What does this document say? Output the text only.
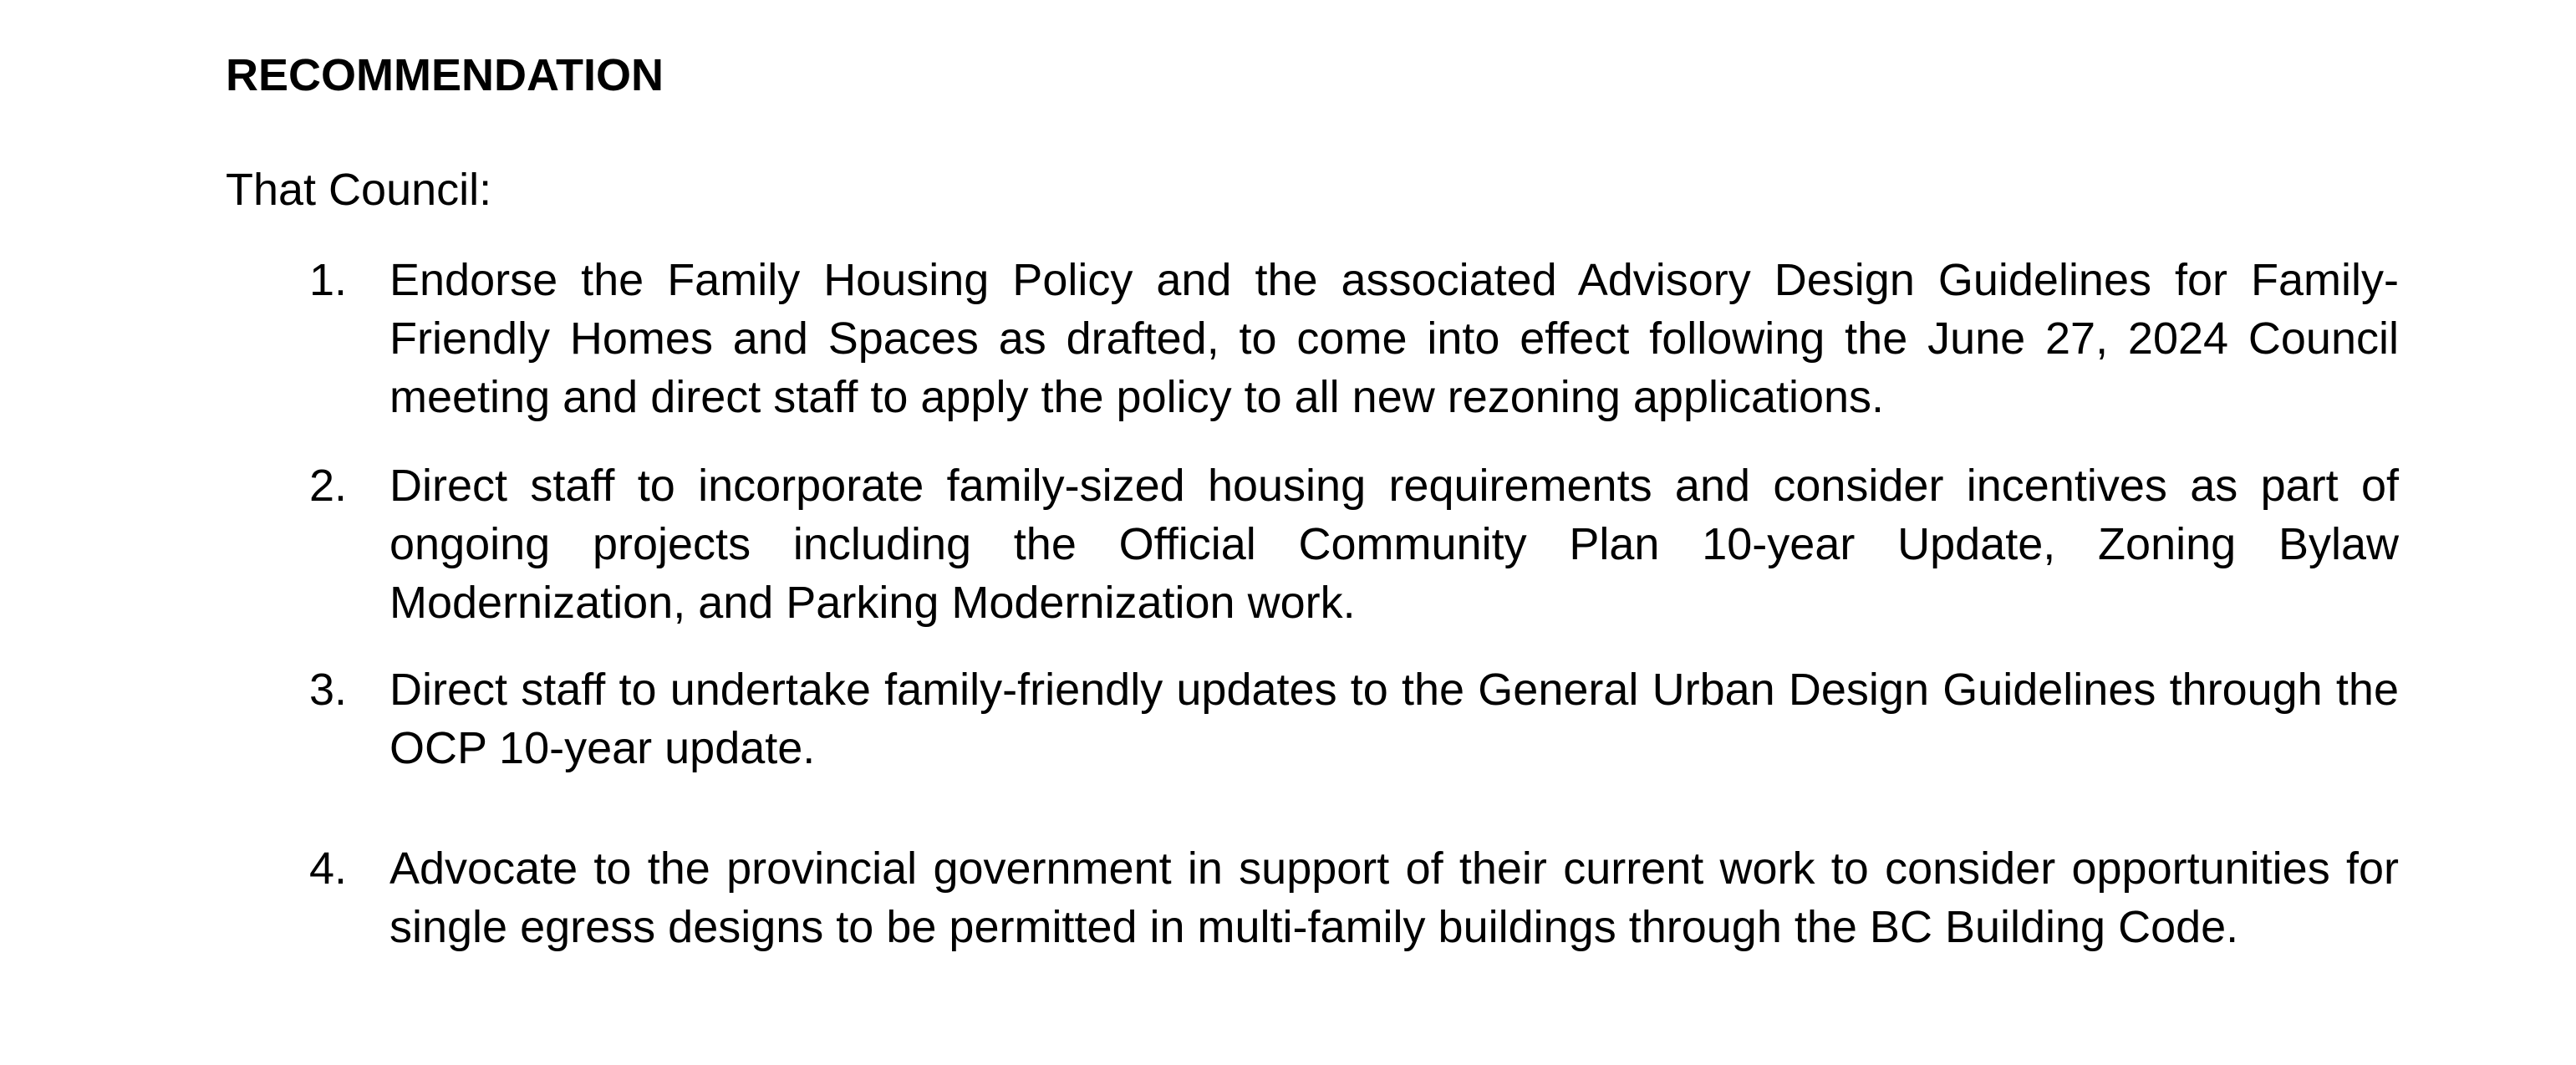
RECOMMENDATION

That Council:

1. Endorse the Family Housing Policy and the associated Advisory Design Guidelines for Family-Friendly Homes and Spaces as drafted, to come into effect following the June 27, 2024 Council meeting and direct staff to apply the policy to all new rezoning applications.
2. Direct staff to incorporate family-sized housing requirements and consider incentives as part of ongoing projects including the Official Community Plan 10-year Update, Zoning Bylaw Modernization, and Parking Modernization work.
3. Direct staff to undertake family-friendly updates to the General Urban Design Guidelines through the OCP 10-year update.
4. Advocate to the provincial government in support of their current work to consider opportunities for single egress designs to be permitted in multi-family buildings through the BC Building Code.
